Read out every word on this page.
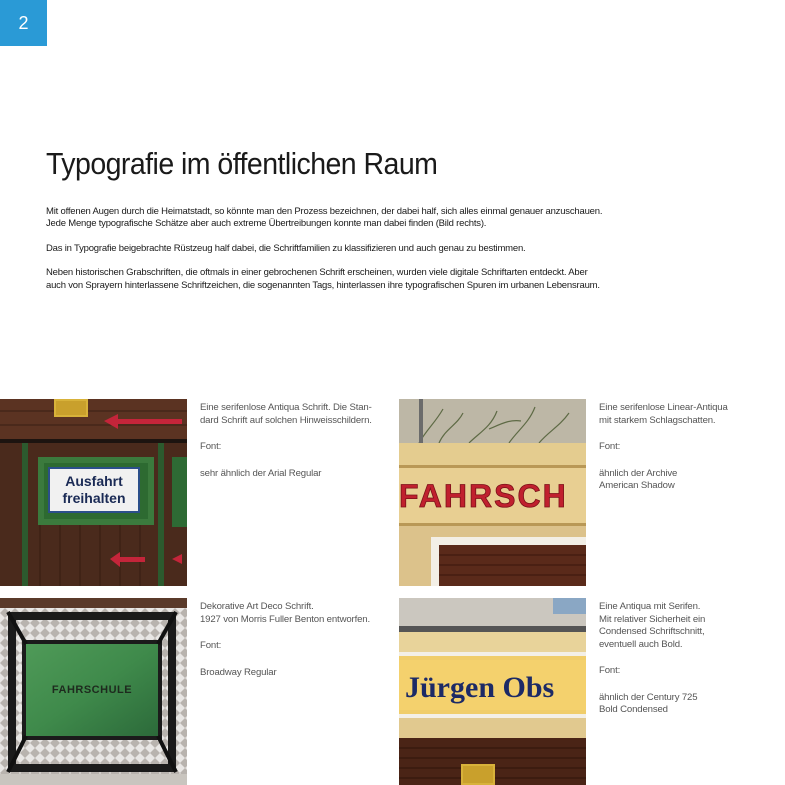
2
Typografie im öffentlichen Raum

Mit offenen Augen durch die Heimatstadt, so könnte man den Prozess bezeichnen, der dabei half, sich alles einmal genauer anzuschauen.
Jede Menge typografische Schätze aber auch extreme Übertreibungen konnte man dabei finden (Bild rechts).

Das in Typografie beigebrachte Rüstzeug half dabei, die Schriftfamilien zu klassifizieren und auch genau zu bestimmen.

Neben historischen Grabschriften, die oftmals in einer gebrochenen Schrift erscheinen, wurden viele digitale Schriftarten entdeckt. Aber
auch von Sprayern hinterlassene Schriftzeichen, die sogenannten Tags, hinterlassen ihre typografischen Spuren im urbanen Lebensraum.

Ausfahrt
freihalten

Eine serifenlose Antiqua Schrift. Die Stan-
dard Schrift auf solchen Hinweisschildern.

Font:

sehr ähnlich der Arial Regular

FAHRSCH

Eine serifenlose Linear-Antiqua
mit starkem Schlagschatten.

Font:

ähnlich der Archive
American Shadow

FAHRSCHULE

Dekorative Art Deco Schrift.
1927 von Morris Fuller Benton entworfen.

Font:

Broadway Regular	Jürgen Obs

Eine Antiqua mit Serifen.
Mit relativer Sicherheit ein
Condensed Schriftschnitt,
eventuell auch Bold.

Font:

ähnlich der Century 725
Bold Condensed
